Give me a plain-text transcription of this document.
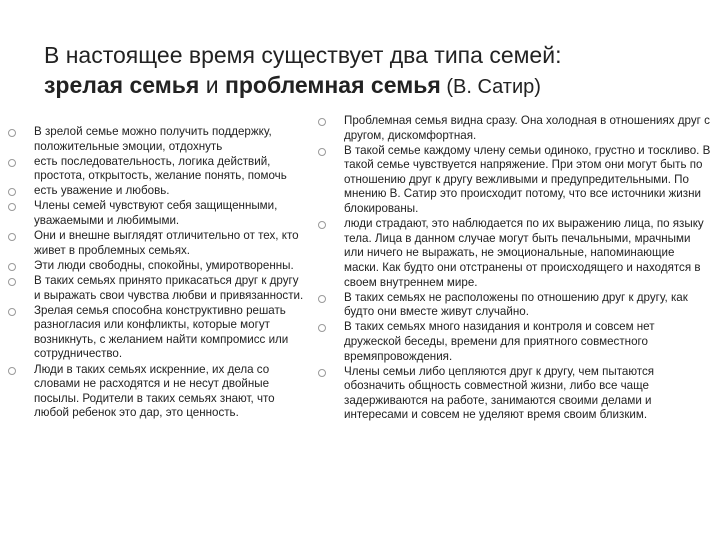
В настоящее время существует два типа семей:
зрелая семья и проблемная семья (В. Сатир)
В зрелой семье можно получить поддержку, положительные эмоции, отдохнуть
есть последовательность, логика действий, простота, открытость, желание понять, помочь
есть уважение и любовь.
Члены семей чувствуют себя защищенными, уважаемыми и любимыми.
Они и внешне выглядят отличительно от тех, кто живет в проблемных семьях.
Эти люди свободны, спокойны, умиротворенны.
В таких семьях принято прикасаться друг к другу и выражать свои чувства любви и привязанности.
Зрелая семья способна конструктивно решать разногласия или конфликты, которые могут возникнуть, с желанием найти компромисс или сотрудничество.
Люди в таких семьях искренние, их дела со словами не расходятся и не несут двойные посылы. Родители в таких семьях знают, что любой ребенок это дар, это ценность.
Проблемная семья видна сразу. Она холодная в отношениях друг с другом, дискомфортная.
В такой семье каждому члену семьи одиноко, грустно и тоскливо. В такой семье чувствуется напряжение. При этом они могут быть по отношению друг к другу вежливыми и предупредительными. По мнению В. Сатир это происходит потому, что все источники жизни блокированы.
люди страдают, это наблюдается по их выражению лица, по языку тела. Лица в данном случае могут быть печальными, мрачными или ничего не выражать, не эмоциональные, напоминающие маски. Как будто они отстранены от происходящего и находятся в своем внутреннем мире.
В таких семьях не расположены по отношению друг к другу, как будто они вместе живут случайно.
В таких семьях много назидания и контроля и совсем нет дружеской беседы, времени для приятного совместного времяпровождения.
Члены семьи либо цепляются друг к другу, чем пытаются обозначить общность совместной жизни, либо все чаще задерживаются на работе, занимаются своими делами и интересами и совсем не уделяют время своим близким.
